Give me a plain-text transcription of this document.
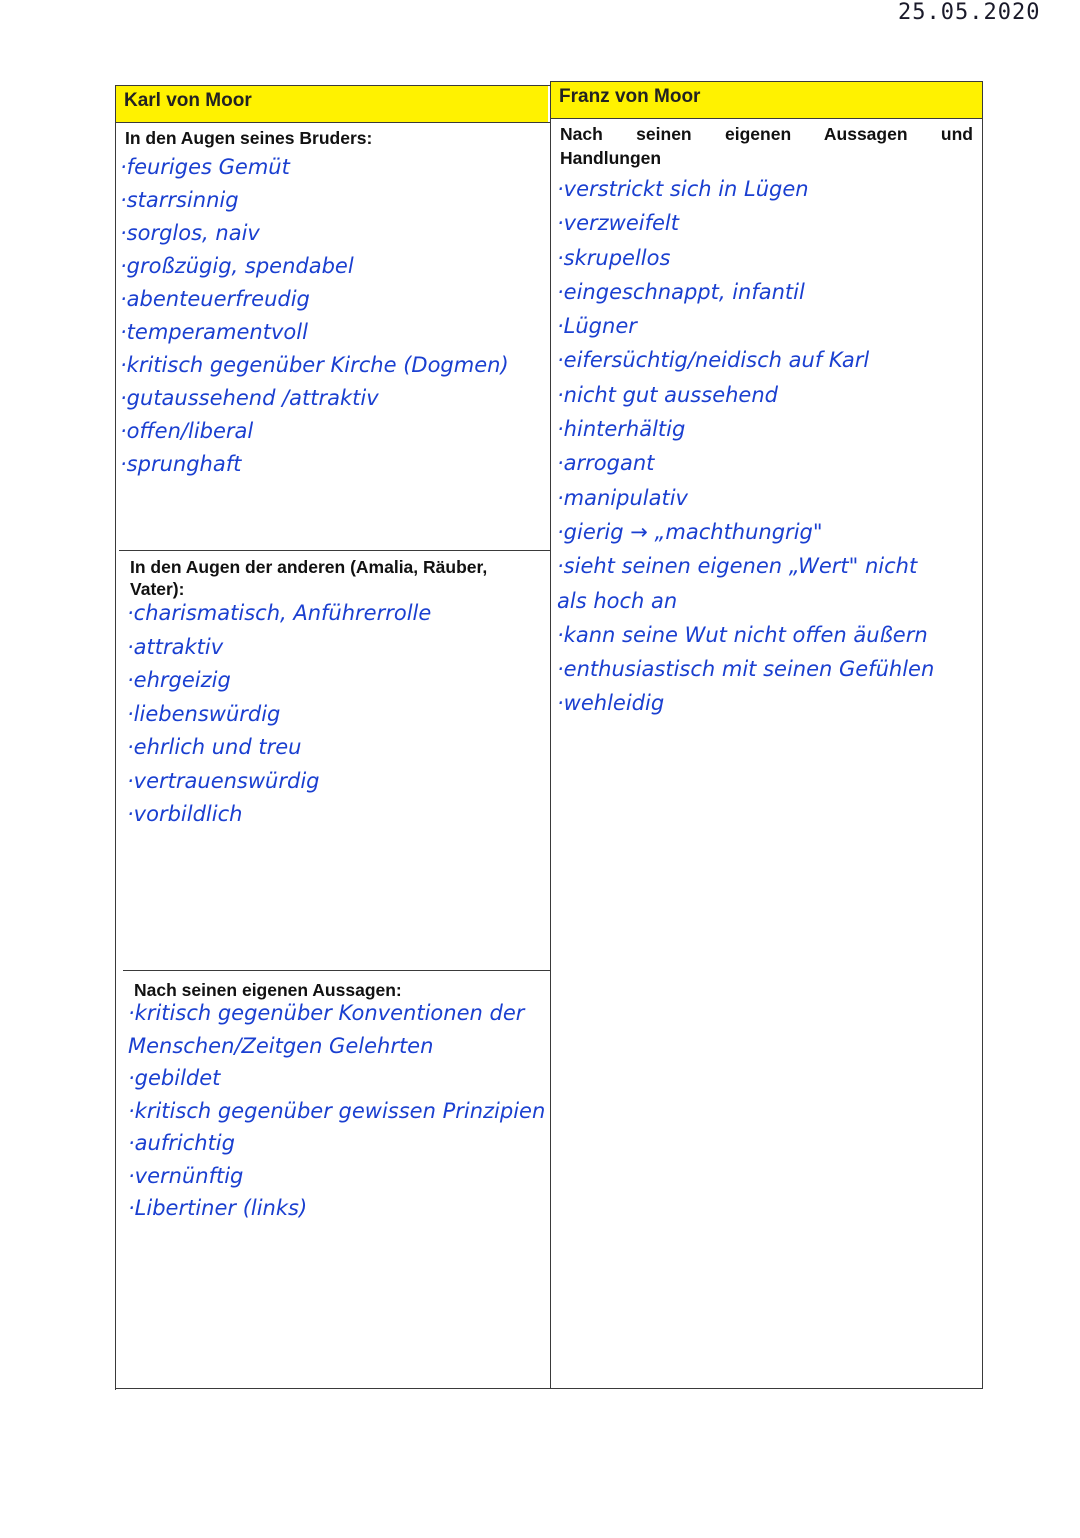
25.05.2020
Karl von Moor	Franz von Moor
In den Augen seines Bruders:
·feuriges Gemüt
·starrsinnig
·sorglos, naiv
·großzügig, spendabel
·abenteuerfreudig
·temperamentvoll
·kritisch gegenüber Kirche (Dogmen)
·gutaussehend /attraktiv
·offen/liberal
·sprunghaft
In den Augen der anderen (Amalia, Räuber, Vater):
·charismatisch, Anführerrolle
·attraktiv
·ehrgeizig
·liebenswürdig
·ehrlich und treu
·vertrauenswürdig
·vorbildlich
Nach seinen eigenen Aussagen:
·kritisch gegenüber Konventionen der
Menschen/Zeitgen Gelehrten
·gebildet
·kritisch gegenüber gewissen Prinzipien
·aufrichtig
·vernünftig
·Libertiner (links)
Nach seinen eigenen Aussagen und
Handlungen
·verstrickt sich in Lügen
·verzweifelt
·skrupellos
·eingeschnappt, infantil
·Lügner
·eifersüchtig/neidisch auf Karl
·nicht gut aussehend
·hinterhältig
·arrogant
·manipulativ
·gierig → „machthungrig"
·sieht seinen eigenen „Wert" nicht
als hoch an
·kann seine Wut nicht offen äußern
·enthusiastisch mit seinen Gefühlen
·wehleidig
